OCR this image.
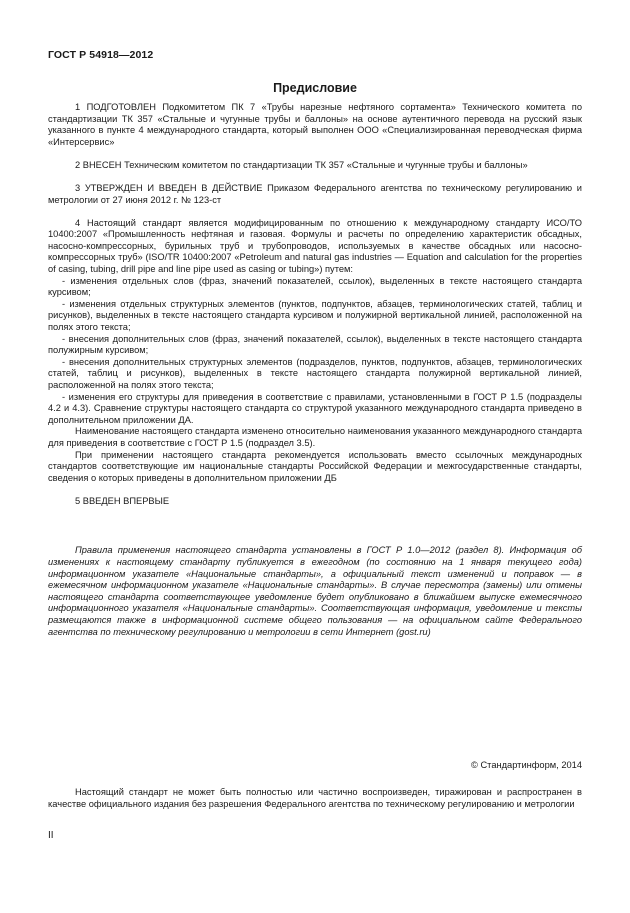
ГОСТ Р 54918—2012
Предисловие

1 ПОДГОТОВЛЕН Подкомитетом ПК 7 «Трубы нарезные нефтяного сортамента» Технического комитета по стандартизации ТК 357 «Стальные и чугунные трубы и баллоны» на основе аутентичного перевода на русский язык указанного в пункте 4 международного стандарта, который выполнен ООО «Специализированная переводческая фирма «Интерсервис»

2 ВНЕСЕН Техническим комитетом по стандартизации ТК 357 «Стальные и чугунные трубы и баллоны»

3 УТВЕРЖДЕН И ВВЕДЕН В ДЕЙСТВИЕ Приказом Федерального агентства по техническому регулированию и метрологии от 27 июня 2012 г. № 123-ст

4 Настоящий стандарт является модифицированным по отношению к международному стандарту ИСО/ТО 10400:2007 «Промышленность нефтяная и газовая. Формулы и расчеты по определению характеристик обсадных, насосно-компрессорных, бурильных труб и трубопроводов, используемых в качестве обсадных или насосно-компрессорных труб» (ISO/TR 10400:2007 «Petroleum and natural gas industries — Equation and calculation for the properties of casing, tubing, drill pipe and line pipe used as casing or tubing») путем:

- изменения отдельных слов (фраз, значений показателей, ссылок), выделенных в тексте настоящего стандарта курсивом;

- изменения отдельных структурных элементов (пунктов, подпунктов, абзацев, терминологических статей, таблиц и рисунков), выделенных в тексте настоящего стандарта курсивом и полужирной вертикальной линией, расположенной на полях этого текста;

- внесения дополнительных слов (фраз, значений показателей, ссылок), выделенных в тексте настоящего стандарта полужирным курсивом;

- внесения дополнительных структурных элементов (подразделов, пунктов, подпунктов, абзацев, терминологических статей, таблиц и рисунков), выделенных в тексте настоящего стандарта полужирной вертикальной линией, расположенной на полях этого текста;

- изменения его структуры для приведения в соответствие с правилами, установленными в ГОСТ Р 1.5 (подразделы 4.2 и 4.3). Сравнение структуры настоящего стандарта со структурой указанного международного стандарта приведено в дополнительном приложении ДА.

Наименование настоящего стандарта изменено относительно наименования указанного международного стандарта для приведения в соответствие с ГОСТ Р 1.5 (подраздел 3.5).

При применении настоящего стандарта рекомендуется использовать вместо ссылочных международных стандартов соответствующие им национальные стандарты Российской Федерации и межгосударственные стандарты, сведения о которых приведены в дополнительном приложении ДБ

5 ВВЕДЕН ВПЕРВЫЕ

Правила применения настоящего стандарта установлены в ГОСТ Р 1.0—2012 (раздел 8). Информация об изменениях к настоящему стандарту публикуется в ежегодном (по состоянию на 1 января текущего года) информационном указателе «Национальные стандарты», а официальный текст изменений и поправок — в ежемесячном информационном указателе «Национальные стандарты». В случае пересмотра (замены) или отмены настоящего стандарта соответствующее уведомление будет опубликовано в ближайшем выпуске ежемесячного информационного указателя «Национальные стандарты». Соответствующая информация, уведомление и тексты размещаются также в информационной системе общего пользования — на официальном сайте Федерального агентства по техническому регулированию и метрологии в сети Интернет (gost.ru)

© Стандартинформ, 2014

Настоящий стандарт не может быть полностью или частично воспроизведен, тиражирован и распространен в качестве официального издания без разрешения Федерального агентства по техническому регулированию и метрологии

II
